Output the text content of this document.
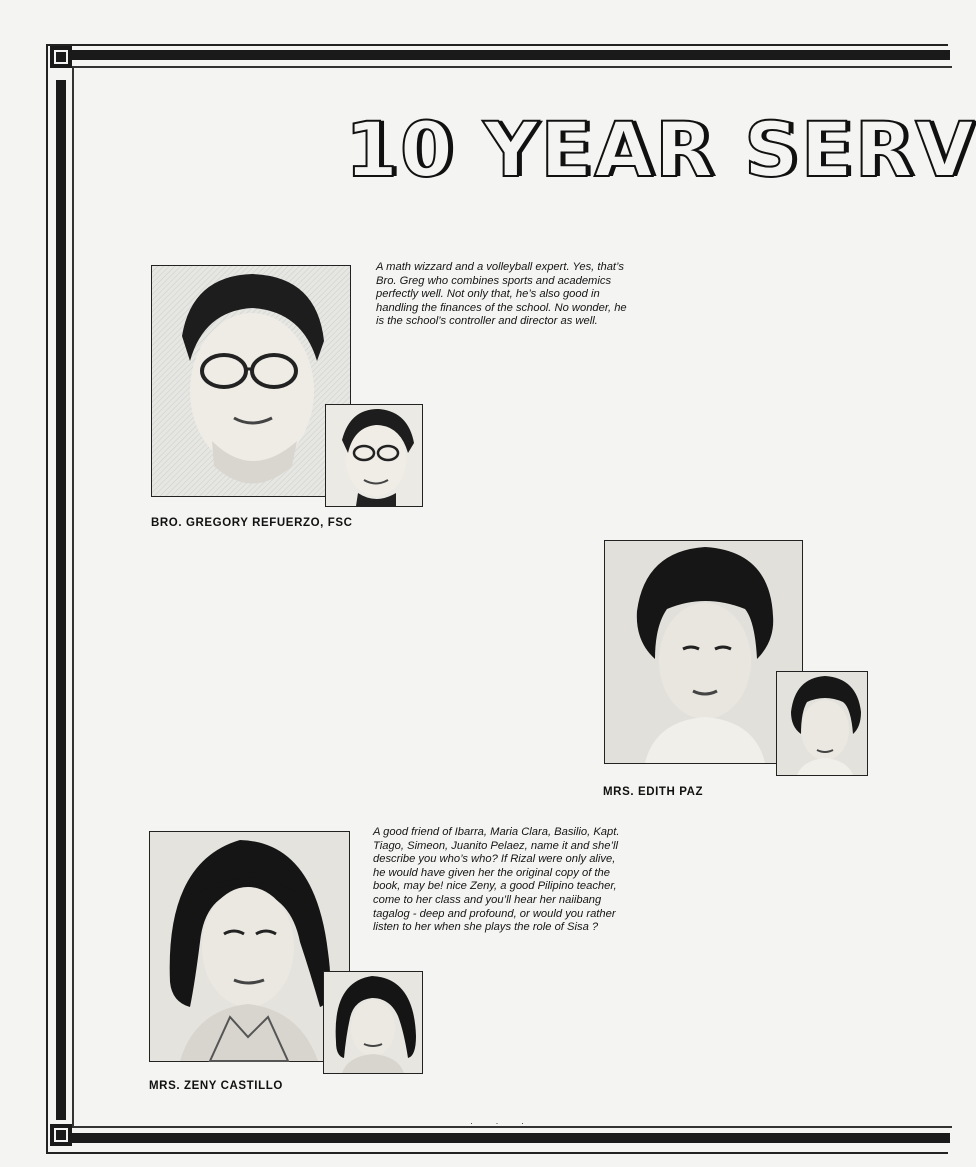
10 YEAR SERV
BRO. GREGORY REFUERZO, FSC
A math wizzard and a volleyball expert. Yes, that’s Bro. Greg who combines sports and academics perfectly well. Not only that, he’s also good in handling the finances of the school. No wonder, he is the school’s controller and director as well.
MRS. EDITH PAZ
MRS. ZENY CASTILLO
A good friend of Ibarra, Maria Clara, Basilio, Kapt. Tiago, Simeon, Juanito Pelaez, name it and she’ll describe you who’s who? If Rizal were only alive, he would have given her the original copy of the book, may be! nice Zeny, a good Pilipino teacher, come to her class and you’ll hear her naiibang tagalog - deep and profound, or would you rather listen to her when she plays the role of Sisa ?
· · ·
